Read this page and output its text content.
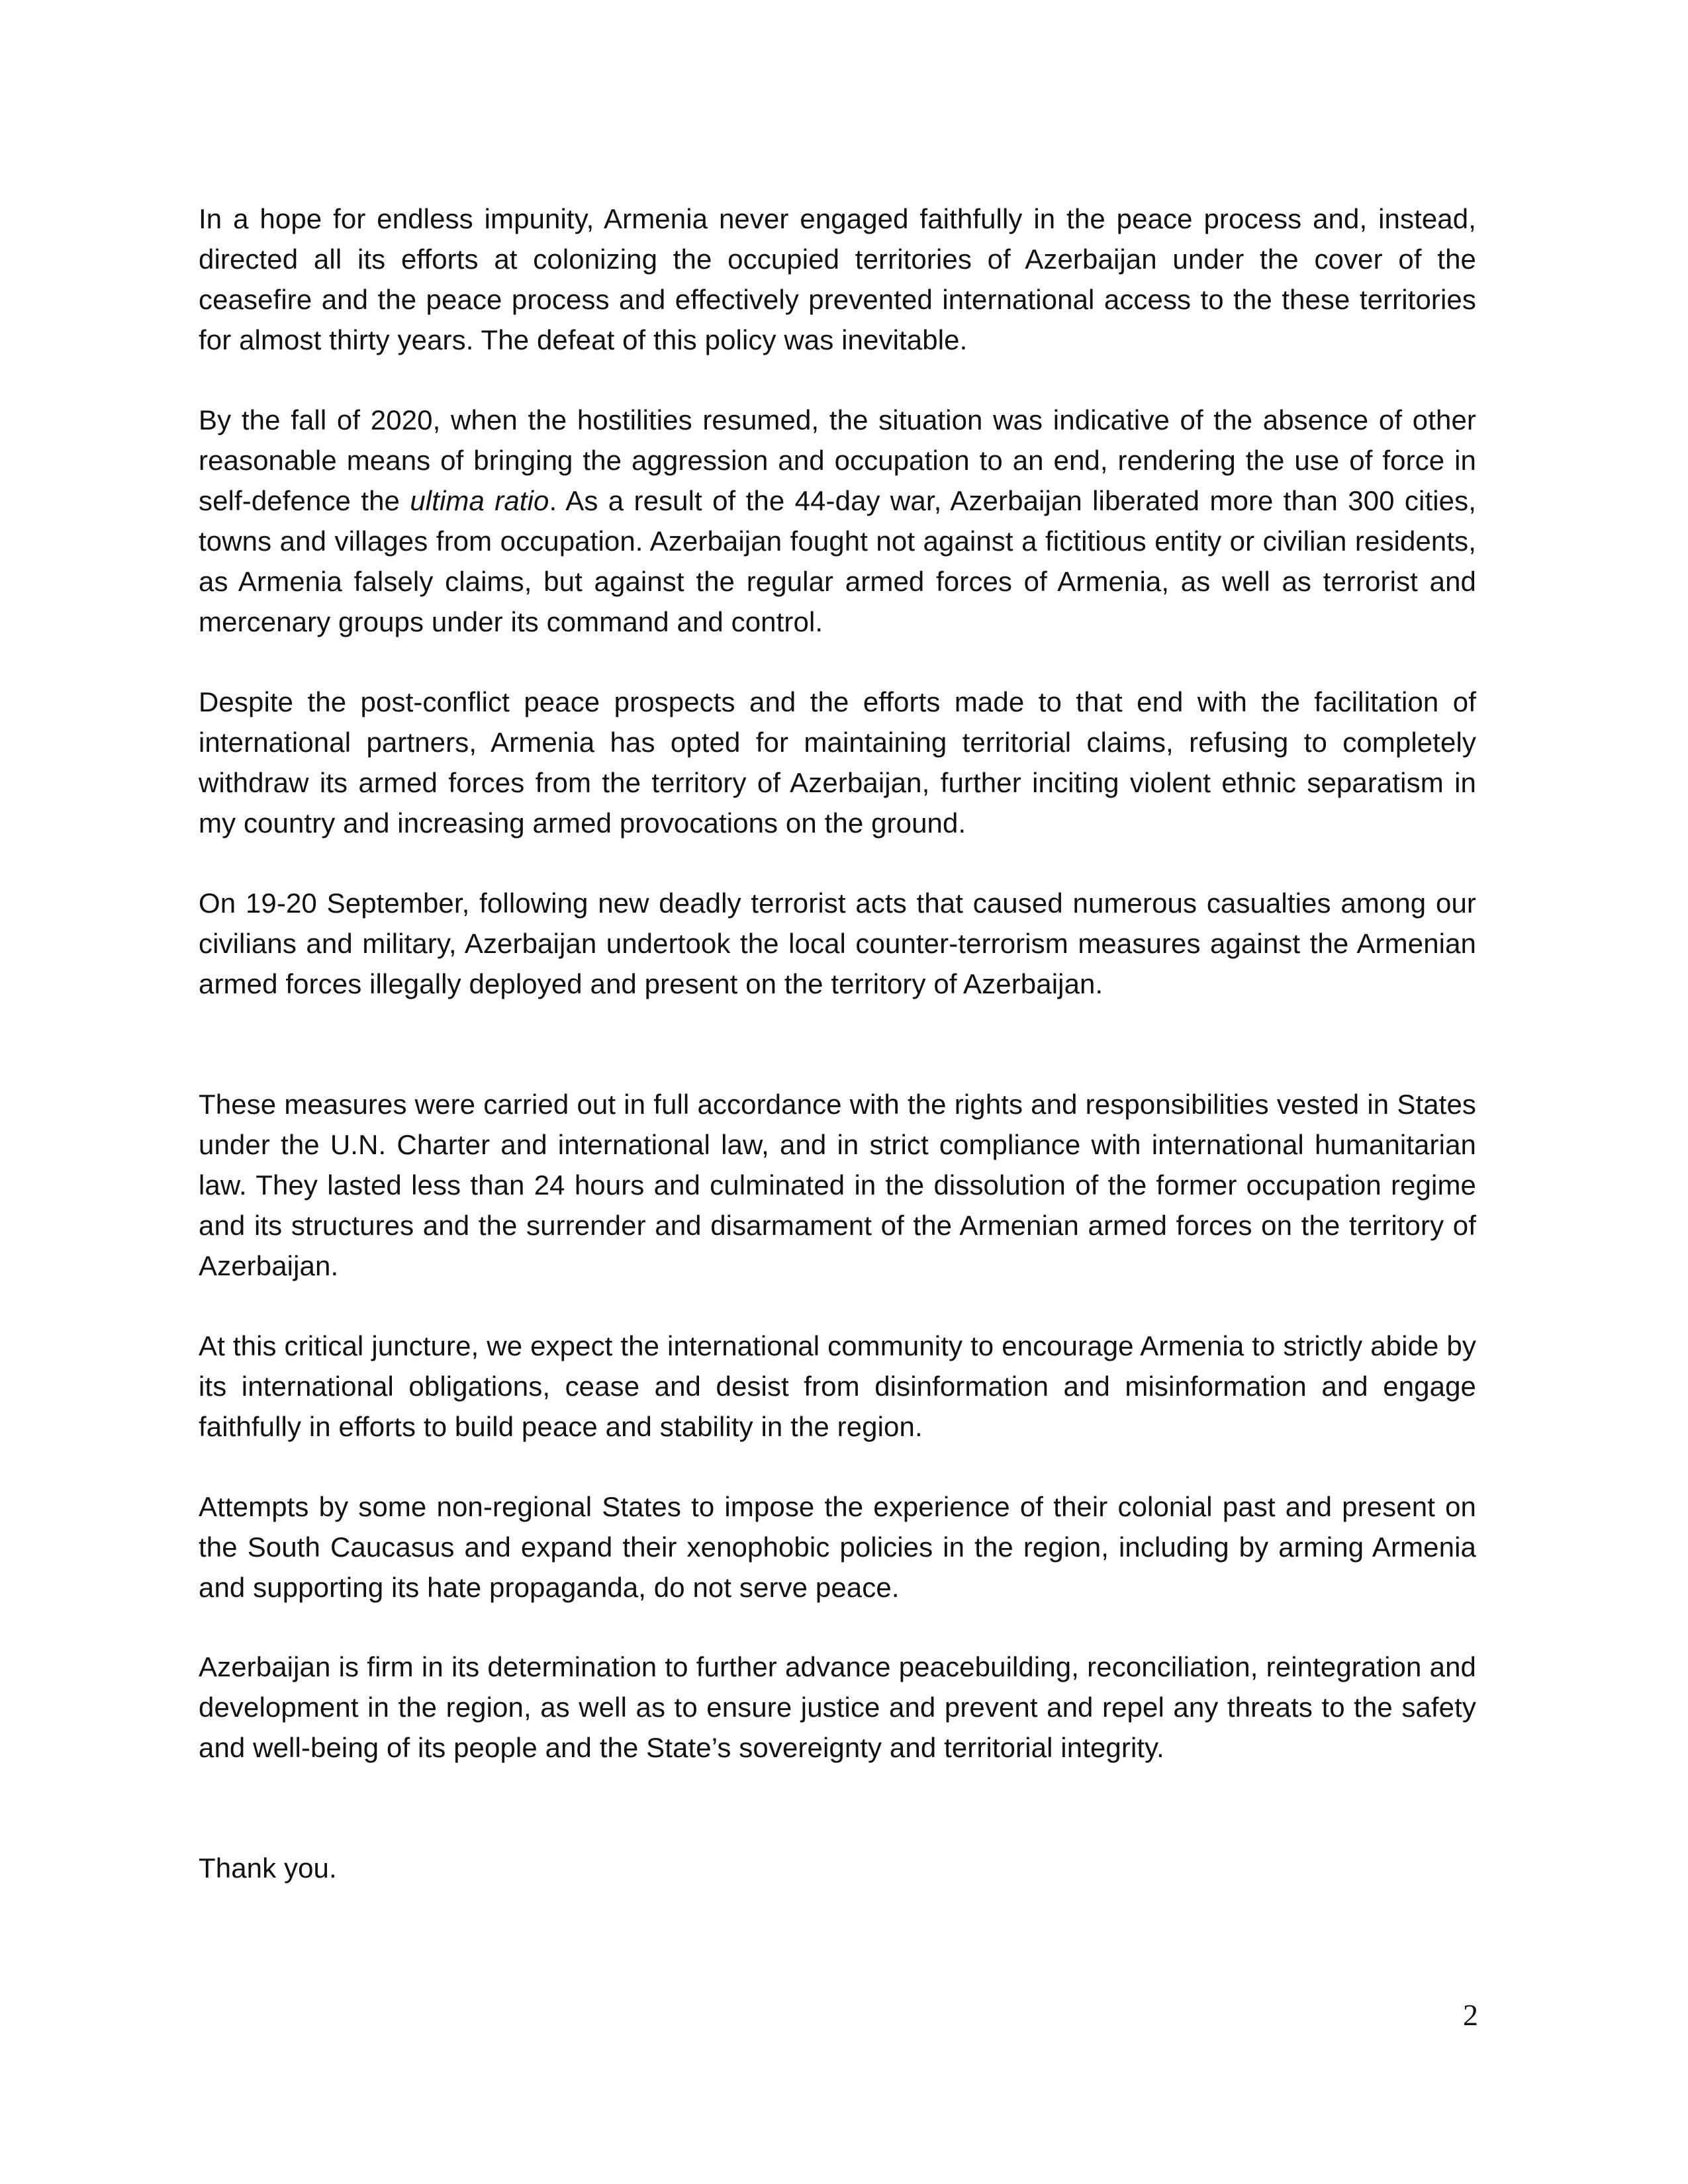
In a hope for endless impunity, Armenia never engaged faithfully in the peace process and, instead, directed all its efforts at colonizing the occupied territories of Azerbaijan under the cover of the ceasefire and the peace process and effectively prevented international access to the these territories for almost thirty years. The defeat of this policy was inevitable.

By the fall of 2020, when the hostilities resumed, the situation was indicative of the absence of other reasonable means of bringing the aggression and occupation to an end, rendering the use of force in self-defence the ultima ratio. As a result of the 44-day war, Azerbaijan liberated more than 300 cities, towns and villages from occupation. Azerbaijan fought not against a fictitious entity or civilian residents, as Armenia falsely claims, but against the regular armed forces of Armenia, as well as terrorist and mercenary groups under its command and control.

Despite the post-conflict peace prospects and the efforts made to that end with the facilitation of international partners, Armenia has opted for maintaining territorial claims, refusing to completely withdraw its armed forces from the territory of Azerbaijan, further inciting violent ethnic separatism in my country and increasing armed provocations on the ground.

On 19-20 September, following new deadly terrorist acts that caused numerous casualties among our civilians and military, Azerbaijan undertook the local counter-terrorism measures against the Armenian armed forces illegally deployed and present on the territory of Azerbaijan.

These measures were carried out in full accordance with the rights and responsibilities vested in States under the U.N. Charter and international law, and in strict compliance with international humanitarian law. They lasted less than 24 hours and culminated in the dissolution of the former occupation regime and its structures and the surrender and disarmament of the Armenian armed forces on the territory of Azerbaijan.

At this critical juncture, we expect the international community to encourage Armenia to strictly abide by its international obligations, cease and desist from disinformation and misinformation and engage faithfully in efforts to build peace and stability in the region.

Attempts by some non-regional States to impose the experience of their colonial past and present on the South Caucasus and expand their xenophobic policies in the region, including by arming Armenia and supporting its hate propaganda, do not serve peace.

Azerbaijan is firm in its determination to further advance peacebuilding, reconciliation, reintegration and development in the region, as well as to ensure justice and prevent and repel any threats to the safety and well-being of its people and the State’s sovereignty and territorial integrity.

Thank you.

2
